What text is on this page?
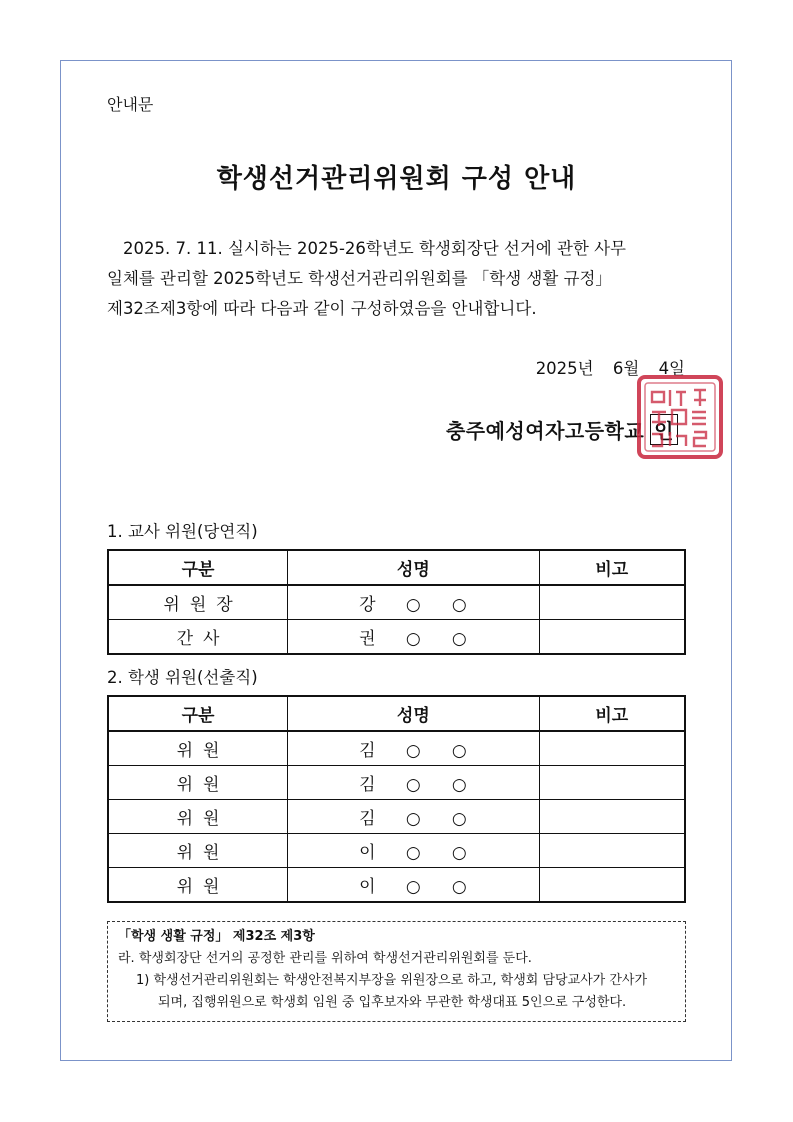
안내문
학생선거관리위원회 구성 안내
2025. 7. 11. 실시하는 2025-26학년도 학생회장단 선거에 관한 사무
일체를 관리할 2025학년도 학생선거관리위원회를 「학생 생활 규정」
제32조제3항에 따라 다음과 같이 구성하였음을 안내합니다.
2025년 6월 4일
충주예성여자고등학교 인
1. 교사 위원(당연직)
구분	성명	비고
위 원 장	강 ○ ○	
간 사	권 ○ ○	
2. 학생 위원(선출직)
구분	성명	비고
위 원	김 ○ ○	
위 원	김 ○ ○	
위 원	김 ○ ○	
위 원	이 ○ ○	
위 원	이 ○ ○	
「학생 생활 규정」 제32조 제3항
라. 학생회장단 선거의 공정한 관리를 위하여 학생선거관리위원회를 둔다.
1) 학생선거관리위원회는 학생안전복지부장을 위원장으로 하고, 학생회 담당교사가 간사가
되며, 집행위원으로 학생회 임원 중 입후보자와 무관한 학생대표 5인으로 구성한다.
